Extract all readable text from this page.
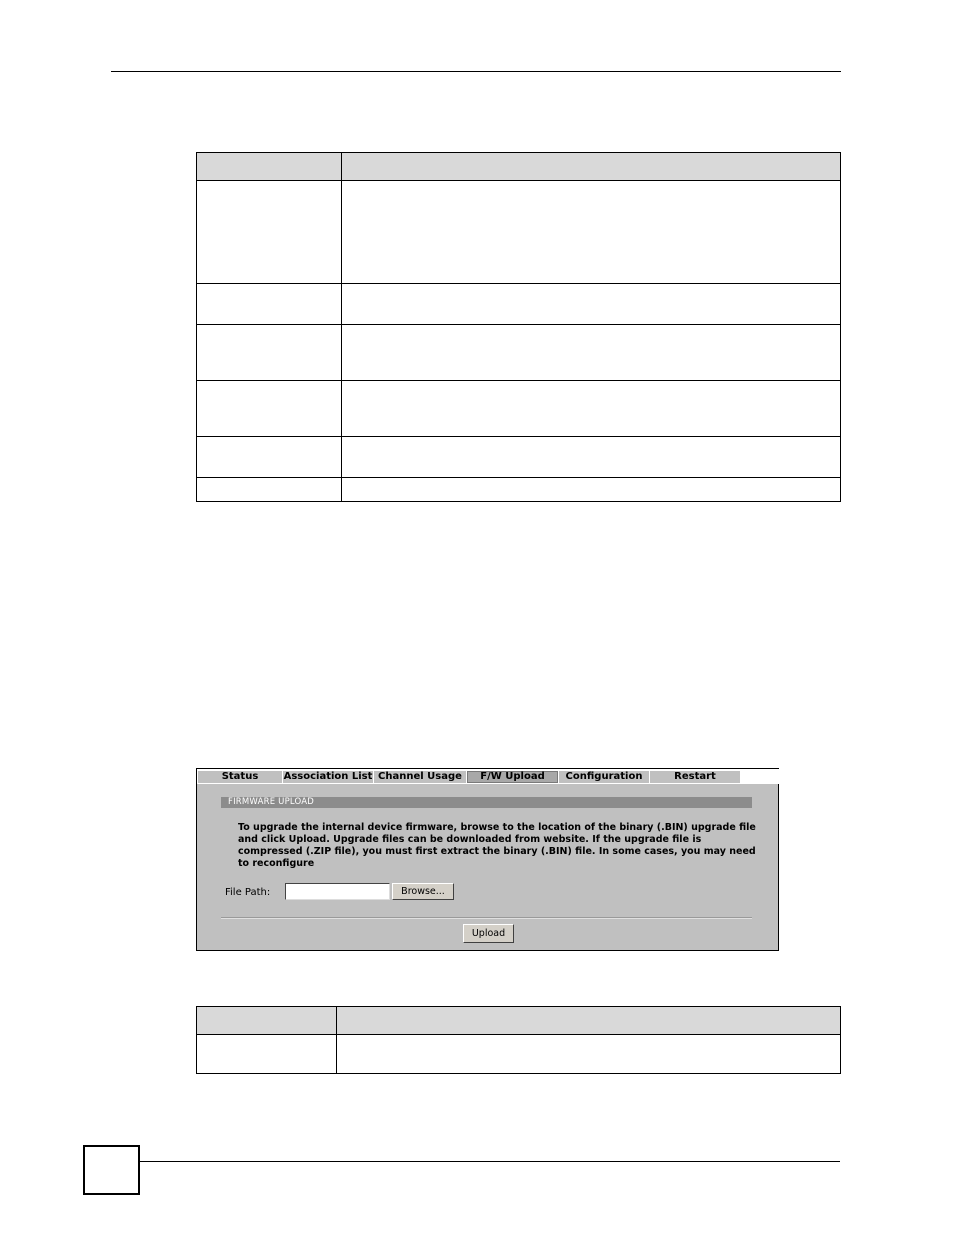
Status	Association List Channel Usage	F/W Upload	Configuration	Restart
FIRMWARE UPLOAD
To upgrade the internal device firmware, browse to the location of the binary (.BIN) upgrade file and click Upload. Upgrade files can be downloaded from website. If the upgrade file is compressed (.ZIP file), you must first extract the binary (.BIN) file. In some cases, you may need to reconfigure
File Path:	Browse...
Upload
